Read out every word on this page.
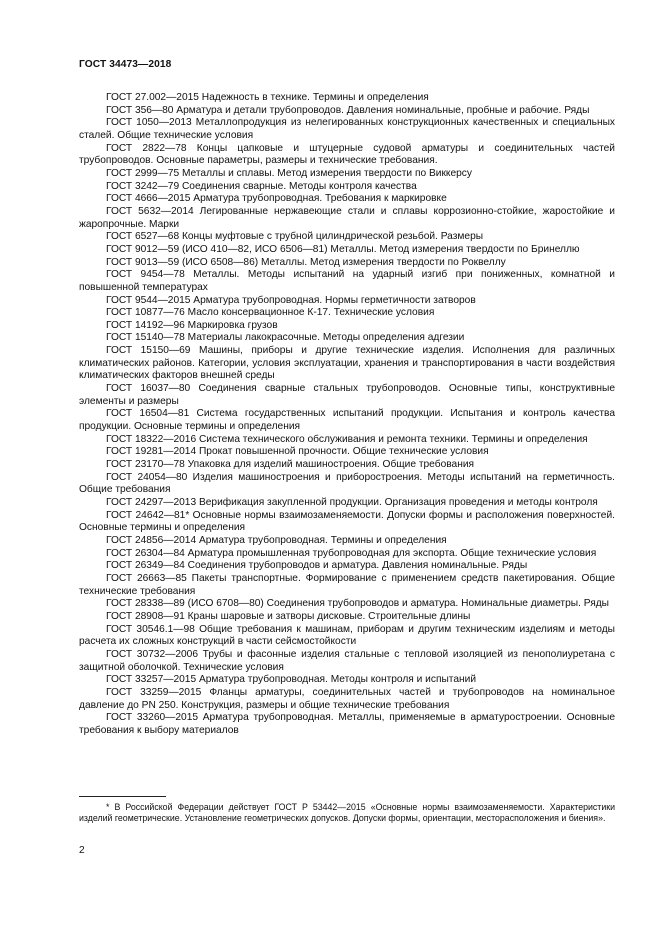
ГОСТ 34473—2018

ГОСТ 27.002—2015 Надежность в технике. Термины и определения

ГОСТ 356—80 Арматура и детали трубопроводов. Давления номинальные, пробные и рабочие. Ряды

ГОСТ 1050—2013 Металлопродукция из нелегированных конструкционных качественных и специальных сталей. Общие технические условия

ГОСТ 2822—78 Концы цапковые и штуцерные судовой арматуры и соединительных частей трубопроводов. Основные параметры, размеры и технические требования.

ГОСТ 2999—75 Металлы и сплавы. Метод измерения твердости по Виккерсу

ГОСТ 3242—79 Соединения сварные. Методы контроля качества

ГОСТ 4666—2015 Арматура трубопроводная. Требования к маркировке

ГОСТ 5632—2014 Легированные нержавеющие стали и сплавы коррозионно-стойкие, жаростойкие и жаропрочные. Марки

ГОСТ 6527—68 Концы муфтовые с трубной цилиндрической резьбой. Размеры

ГОСТ 9012—59 (ИСО 410—82, ИСО 6506—81) Металлы. Метод измерения твердости по Бринеллю

ГОСТ 9013—59 (ИСО 6508—86) Металлы. Метод измерения твердости по Роквеллу

ГОСТ 9454—78 Металлы. Методы испытаний на ударный изгиб при пониженных, комнатной и повышенной температурах

ГОСТ 9544—2015 Арматура трубопроводная. Нормы герметичности затворов

ГОСТ 10877—76 Масло консервационное К-17. Технические условия

ГОСТ 14192—96 Маркировка грузов

ГОСТ 15140—78 Материалы лакокрасочные. Методы определения адгезии

ГОСТ 15150—69 Машины, приборы и другие технические изделия. Исполнения для различных климатических районов. Категории, условия эксплуатации, хранения и транспортирования в части воздействия климатических факторов внешней среды

ГОСТ 16037—80 Соединения сварные стальных трубопроводов. Основные типы, конструктивные элементы и размеры

ГОСТ 16504—81 Система государственных испытаний продукции. Испытания и контроль качества продукции. Основные термины и определения

ГОСТ 18322—2016 Система технического обслуживания и ремонта техники. Термины и определения

ГОСТ 19281—2014 Прокат повышенной прочности. Общие технические условия

ГОСТ 23170—78 Упаковка для изделий машиностроения. Общие требования

ГОСТ 24054—80 Изделия машиностроения и приборостроения. Методы испытаний на герметичность. Общие требования

ГОСТ 24297—2013 Верификация закупленной продукции. Организация проведения и методы контроля

ГОСТ 24642—81* Основные нормы взаимозаменяемости. Допуски формы и расположения поверхностей. Основные термины и определения

ГОСТ 24856—2014 Арматура трубопроводная. Термины и определения

ГОСТ 26304—84 Арматура промышленная трубопроводная для экспорта. Общие технические условия

ГОСТ 26349—84 Соединения трубопроводов и арматура. Давления номинальные. Ряды

ГОСТ 26663—85 Пакеты транспортные. Формирование с применением средств пакетирования. Общие технические требования

ГОСТ 28338—89 (ИСО 6708—80) Соединения трубопроводов и арматура. Номинальные диаметры. Ряды

ГОСТ 28908—91 Краны шаровые и затворы дисковые. Строительные длины

ГОСТ 30546.1—98 Общие требования к машинам, приборам и другим техническим изделиям и методы расчета их сложных конструкций в части сейсмостойкости

ГОСТ 30732—2006 Трубы и фасонные изделия стальные с тепловой изоляцией из пенополиуретана с защитной оболочкой. Технические условия

ГОСТ 33257—2015 Арматура трубопроводная. Методы контроля и испытаний

ГОСТ 33259—2015 Фланцы арматуры, соединительных частей и трубопроводов на номинальное давление до PN 250. Конструкция, размеры и общие технические требования

ГОСТ 33260—2015 Арматура трубопроводная. Металлы, применяемые в арматуростроении. Основные требования к выбору материалов

* В Российской Федерации действует ГОСТ Р 53442—2015 «Основные нормы взаимозаменяемости. Характеристики изделий геометрические. Установление геометрических допусков. Допуски формы, ориентации, месторасположения и биения».

2
